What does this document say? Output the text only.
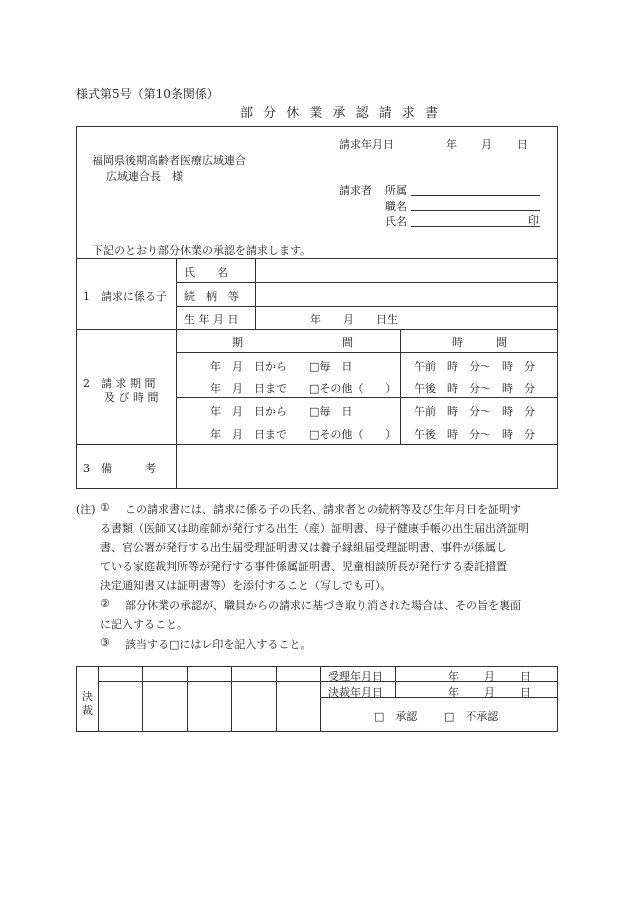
様式第5号（第10条関係）
部 分 休 業 承 認 請 求 書
請求年月日	年 月 日
福岡県後期高齢者医療広域連合
広域連合長　様
請求者 所属
職名
氏名	印
下記のとおり部分休業の承認を請求します。
1　請求に係る子
氏　　名
続　柄　等
生 年 月 日	年　　月　　日生
2　請 求 期 間
及 び 時 間
期　　　　　　　　　間	時　　　間
年　月　日から □毎　日	午前　時　分～　時　分
年　月　日まで □その他（　　） 午後　時　分～　時　分
年　月　日から □毎　日	午前　時　分～　時　分
年　月　日まで □その他（　　） 午後　時　分～　時　分
3　備　　　考
(注) ① この請求書には、請求に係る子の氏名、請求者との続柄等及び生年月日を証明す
る書類（医師又は助産師が発行する出生（産）証明書、母子健康手帳の出生届出済証明
書、官公署が発行する出生届受理証明書又は養子縁組届受理証明書、事件が係属し
ている家庭裁判所等が発行する事件係属証明書、児童相談所長が発行する委託措置
決定通知書又は証明書等）を添付すること（写しでも可）。
② 部分休業の承認が、職員からの請求に基づき取り消された場合は、その旨を裏面
に記入すること。
③ 該当する□にはレ印を記入すること。
決
裁
受理年月日	年 月 日
決裁年月日	年 月 日
□　承認 □　不承認
